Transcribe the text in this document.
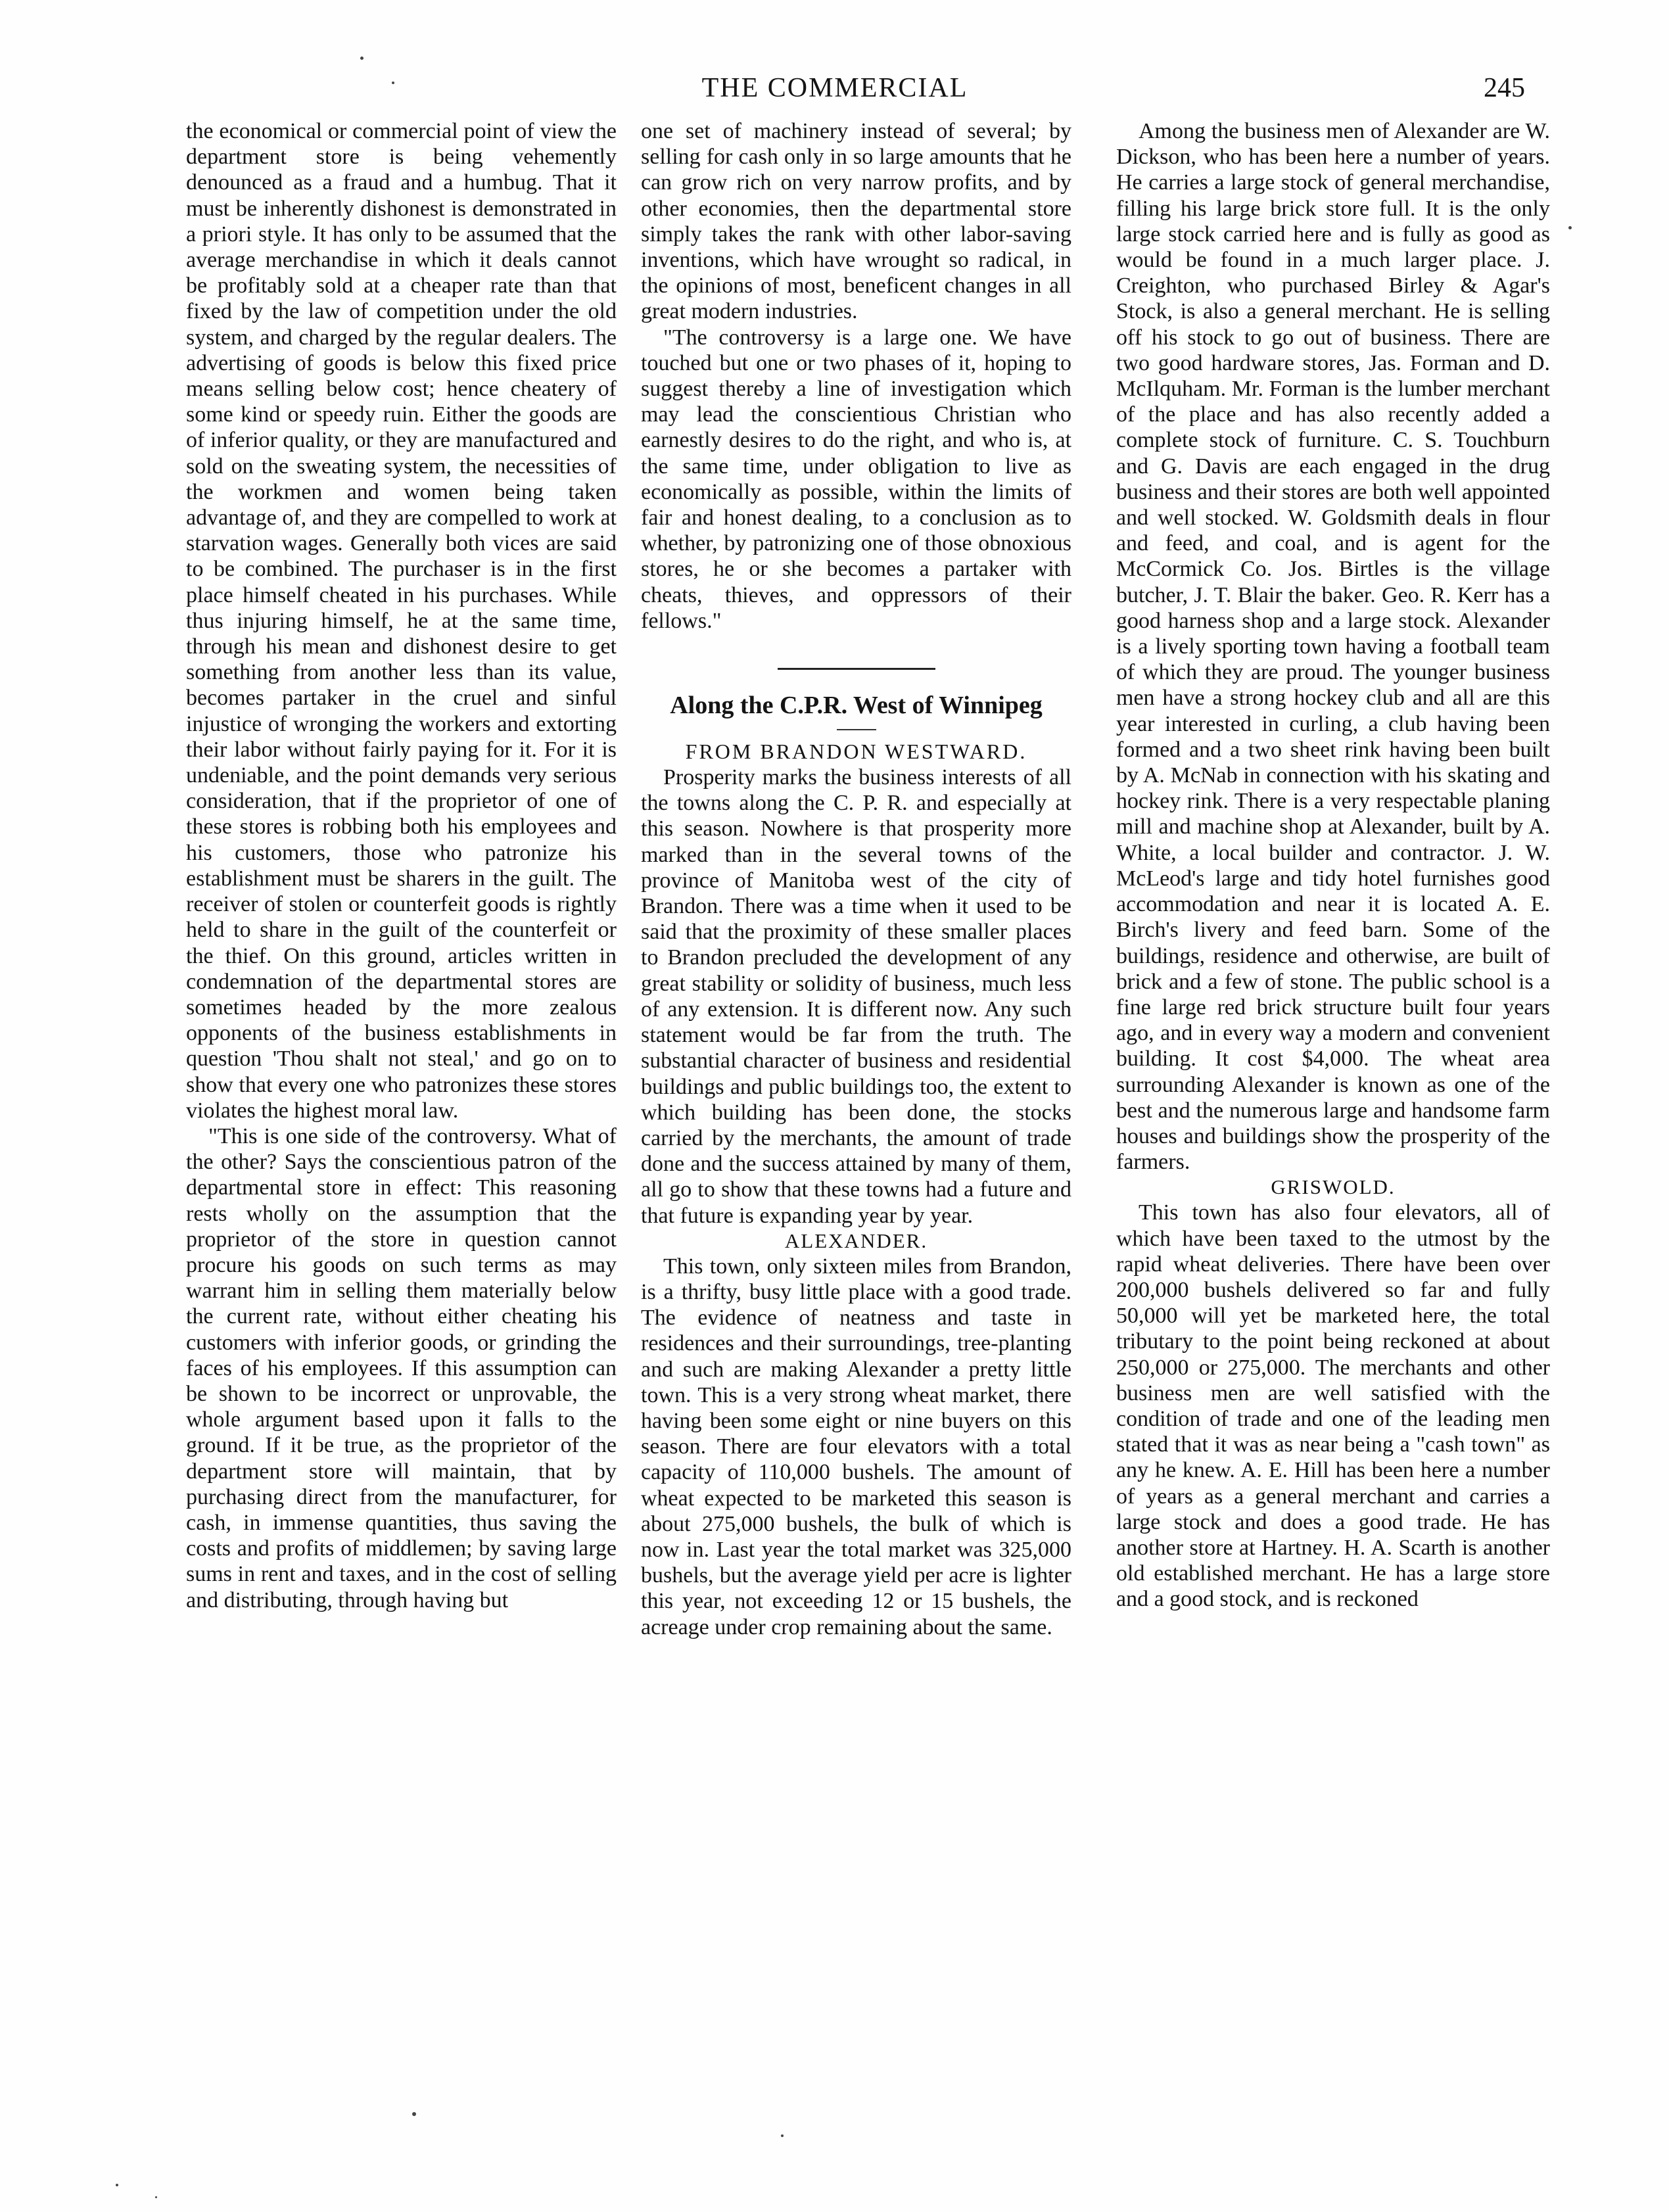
THE COMMERCIAL	245

the economical or commercial point of view the department store is being vehemently denounced as a fraud and a humbug. That it must be inherently dishonest is demonstrated in a priori style. It has only to be assumed that the average merchandise in which it deals cannot be profitably sold at a cheaper rate than that fixed by the law of competition under the old system, and charged by the regular dealers. The advertising of goods is below this fixed price means selling below cost; hence cheatery of some kind or speedy ruin. Either the goods are of inferior quality, or they are manufactured and sold on the sweating system, the necessities of the workmen and women being taken advantage of, and they are compelled to work at starvation wages. Generally both vices are said to be combined. The purchaser is in the first place himself cheated in his purchases. While thus injuring himself, he at the same time, through his mean and dishonest desire to get something from another less than its value, becomes partaker in the cruel and sinful injustice of wronging the workers and extorting their labor without fairly paying for it. For it is undeniable, and the point demands very serious consideration, that if the proprietor of one of these stores is robbing both his employees and his customers, those who patronize his establishment must be sharers in the guilt. The receiver of stolen or counterfeit goods is rightly held to share in the guilt of the counterfeit or the thief. On this ground, articles written in condemnation of the departmental stores are sometimes headed by the more zealous opponents of the business establishments in question 'Thou shalt not steal,' and go on to show that every one who patronizes these stores violates the highest moral law.

"This is one side of the controversy. What of the other? Says the conscientious patron of the departmental store in effect: This reasoning rests wholly on the assumption that the proprietor of the store in question cannot procure his goods on such terms as may warrant him in selling them materially below the current rate, without either cheating his customers with inferior goods, or grinding the faces of his employees. If this assumption can be shown to be incorrect or unprovable, the whole argument based upon it falls to the ground. If it be true, as the proprietor of the department store will maintain, that by purchasing direct from the manufacturer, for cash, in immense quantities, thus saving the costs and profits of middlemen; by saving large sums in rent and taxes, and in the cost of selling and distributing, through having but

one set of machinery instead of several; by selling for cash only in so large amounts that he can grow rich on very narrow profits, and by other economies, then the departmental store simply takes the rank with other labor-saving inventions, which have wrought so radical, in the opinions of most, beneficent changes in all great modern industries.

"The controversy is a large one. We have touched but one or two phases of it, hoping to suggest thereby a line of investigation which may lead the conscientious Christian who earnestly desires to do the right, and who is, at the same time, under obligation to live as economically as possible, within the limits of fair and honest dealing, to a conclusion as to whether, by patronizing one of those obnoxious stores, he or she becomes a partaker with cheats, thieves, and oppressors of their fellows."

Along the C.P.R. West of Winnipeg

FROM BRANDON WESTWARD.

Prosperity marks the business interests of all the towns along the C. P. R. and especially at this season. Nowhere is that prosperity more marked than in the several towns of the province of Manitoba west of the city of Brandon. There was a time when it used to be said that the proximity of these smaller places to Brandon precluded the development of any great stability or solidity of business, much less of any extension. It is different now. Any such statement would be far from the truth. The substantial character of business and residential buildings and public buildings too, the extent to which building has been done, the stocks carried by the merchants, the amount of trade done and the success attained by many of them, all go to show that these towns had a future and that future is expanding year by year.

ALEXANDER.

This town, only sixteen miles from Brandon, is a thrifty, busy little place with a good trade. The evidence of neatness and taste in residences and their surroundings, tree-planting and such are making Alexander a pretty little town. This is a very strong wheat market, there having been some eight or nine buyers on this season. There are four elevators with a total capacity of 110,000 bushels. The amount of wheat expected to be marketed this season is about 275,000 bushels, the bulk of which is now in. Last year the total market was 325,000 bushels, but the average yield per acre is lighter this year, not exceeding 12 or 15 bushels, the acreage under crop remaining about the same.

Among the business men of Alexander are W. Dickson, who has been here a number of years. He carries a large stock of general merchandise, filling his large brick store full. It is the only large stock carried here and is fully as good as would be found in a much larger place. J. Creighton, who purchased Birley & Agar's Stock, is also a general merchant. He is selling off his stock to go out of business. There are two good hardware stores, Jas. Forman and D. McIlquham. Mr. Forman is the lumber merchant of the place and has also recently added a complete stock of furniture. C. S. Touchburn and G. Davis are each engaged in the drug business and their stores are both well appointed and well stocked. W. Goldsmith deals in flour and feed, and coal, and is agent for the McCormick Co. Jos. Birtles is the village butcher, J. T. Blair the baker. Geo. R. Kerr has a good harness shop and a large stock. Alexander is a lively sporting town having a football team of which they are proud. The younger business men have a strong hockey club and all are this year interested in curling, a club having been formed and a two sheet rink having been built by A. McNab in connection with his skating and hockey rink. There is a very respectable planing mill and machine shop at Alexander, built by A. White, a local builder and contractor. J. W. McLeod's large and tidy hotel furnishes good accommodation and near it is located A. E. Birch's livery and feed barn. Some of the buildings, residence and otherwise, are built of brick and a few of stone. The public school is a fine large red brick structure built four years ago, and in every way a modern and convenient building. It cost $4,000. The wheat area surrounding Alexander is known as one of the best and the numerous large and handsome farm houses and buildings show the prosperity of the farmers.

GRISWOLD.

This town has also four elevators, all of which have been taxed to the utmost by the rapid wheat deliveries. There have been over 200,000 bushels delivered so far and fully 50,000 will yet be marketed here, the total tributary to the point being reckoned at about 250,000 or 275,000. The merchants and other business men are well satisfied with the condition of trade and one of the leading men stated that it was as near being a "cash town" as any he knew. A. E. Hill has been here a number of years as a general merchant and carries a large stock and does a good trade. He has another store at Hartney. H. A. Scarth is another old established merchant. He has a large store and a good stock, and is reckoned
